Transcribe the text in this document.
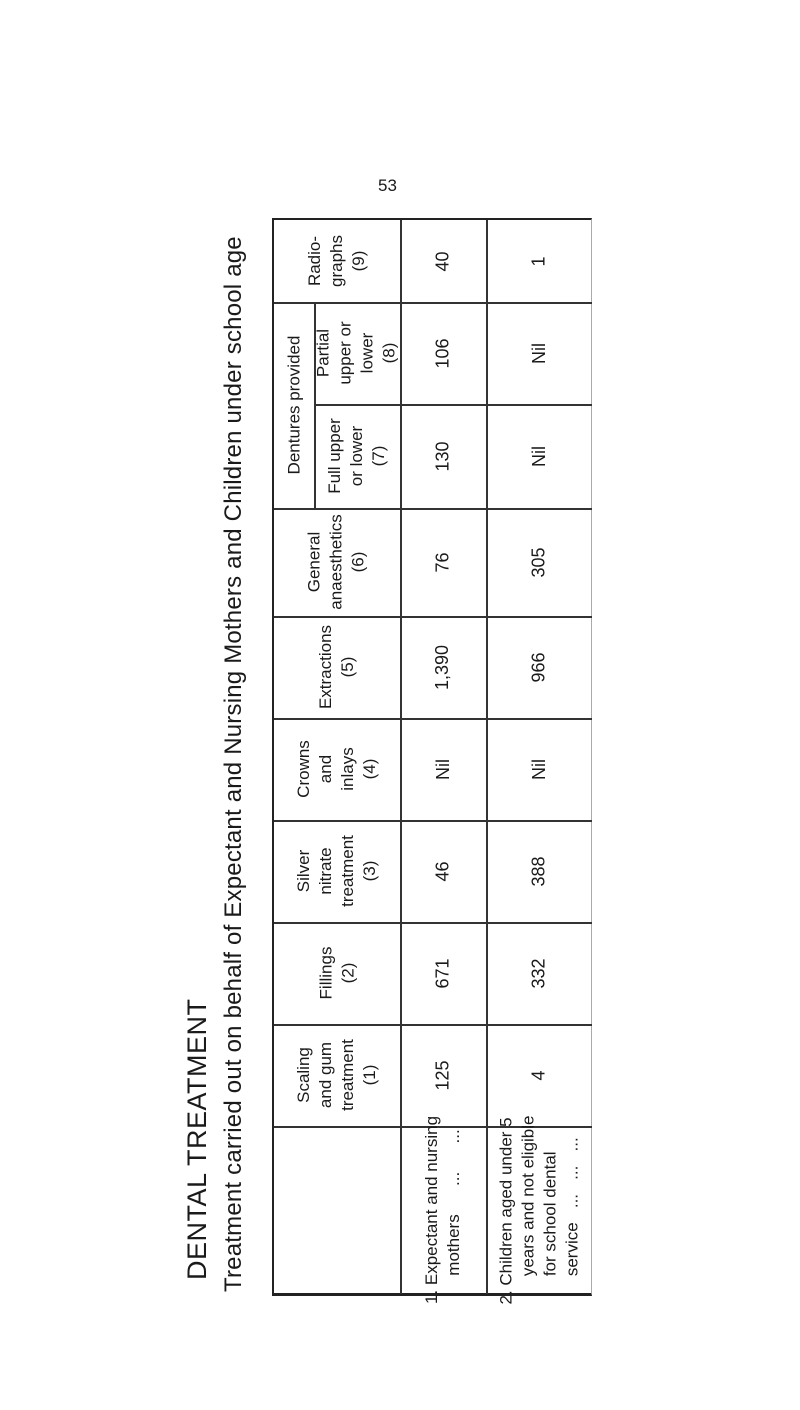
53
DENTAL TREATMENT Treatment carried out on behalf of Expectant and Nursing Mothers and Children under school age Dentures provided
Radio- graphs (9)
Partial upper or lower (8)
Full upper or lower (7)
General anaesthetics (6)
Extractions (5)
Crowns and inlays (4)
Silver nitrate treatment (3)
Fillings (2)
Scaling and gum treatment (1)
1. Expectant and nursing
mothers      ...      ... 2. Children aged under 5
years and not eligible
for school dental
service   ...   ...   ...
40
106
130
76
1,390
Nil
46
671
125
1
Nil
Nil
305
966
Nil
388
332
4
